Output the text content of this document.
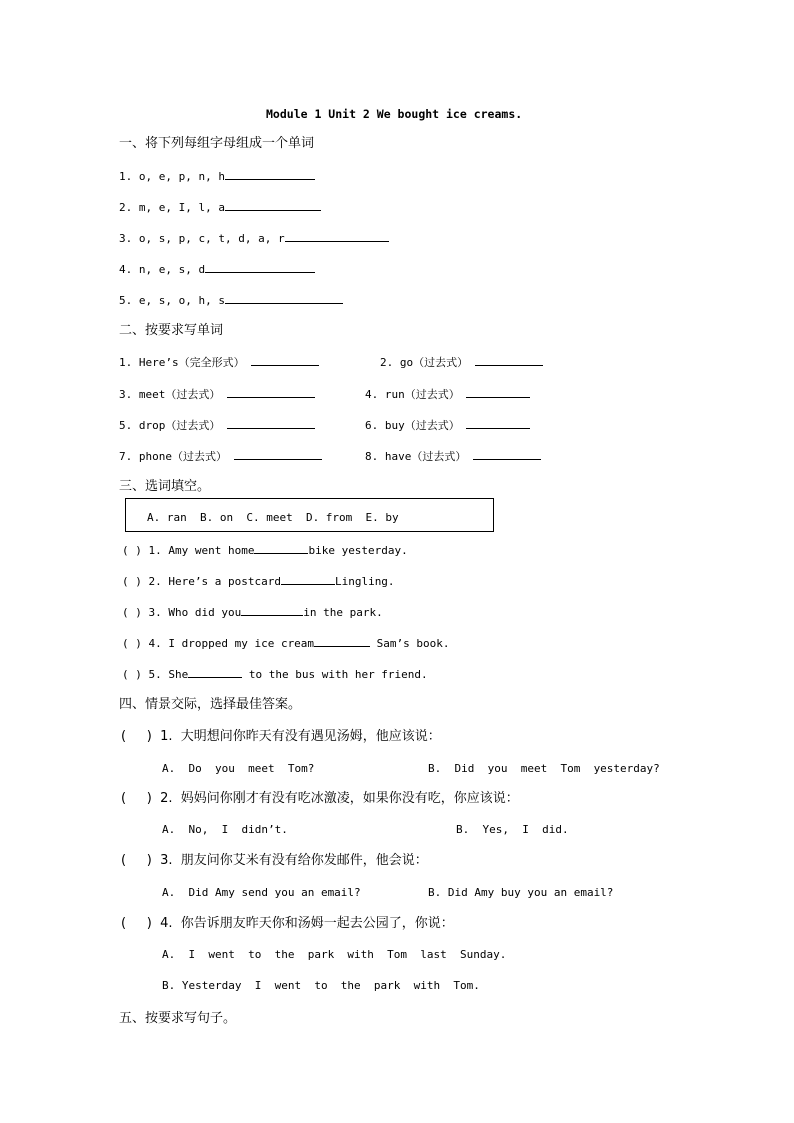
Module 1 Unit 2 We bought ice creams.
一、将下列每组字母组成一个单词
1. o, e, p, n, h
2. m, e, I, l, a
3. o, s, p, c, t, d, a, r
4. n, e, s, d
5. e, s, o, h, s
二、按要求写单词
1. Here’s（完全形式）	2. go（过去式）
3. meet（过去式）	4. run（过去式）
5. drop（过去式）	6. buy（过去式）
7. phone（过去式）	8. have（过去式）
三、选词填空。
A. ran  B. on  C. meet  D. from  E. by
( ) 1. Amy went home	bike yesterday.
( ) 2. Here’s a postcard	Lingling.
( ) 3. Who did you	in the park.
( ) 4. I dropped my ice cream	Sam’s book.
( ) 5. She	to the bus with her friend.
四、情景交际，选择最佳答案。
(     )  1.  大明想问你昨天有没有遇见汤姆，他应该说：
A.  Do  you  meet  Tom?	B.  Did  you  meet  Tom  yesterday?
(     )  2.  妈妈问你刚才有没有吃冰激凌，如果你没有吃，你应该说：
A.  No,  I  didn’t.	B.  Yes,  I  did.
(     )  3.  朋友问你艾米有没有给你发邮件，他会说：
A.  Did Amy send you an email?	B. Did Amy buy you an email?
(     )  4.  你告诉朋友昨天你和汤姆一起去公园了，你说：
A.  I  went  to  the  park  with  Tom  last  Sunday.
B. Yesterday  I  went  to  the  park  with  Tom.
五、按要求写句子。
